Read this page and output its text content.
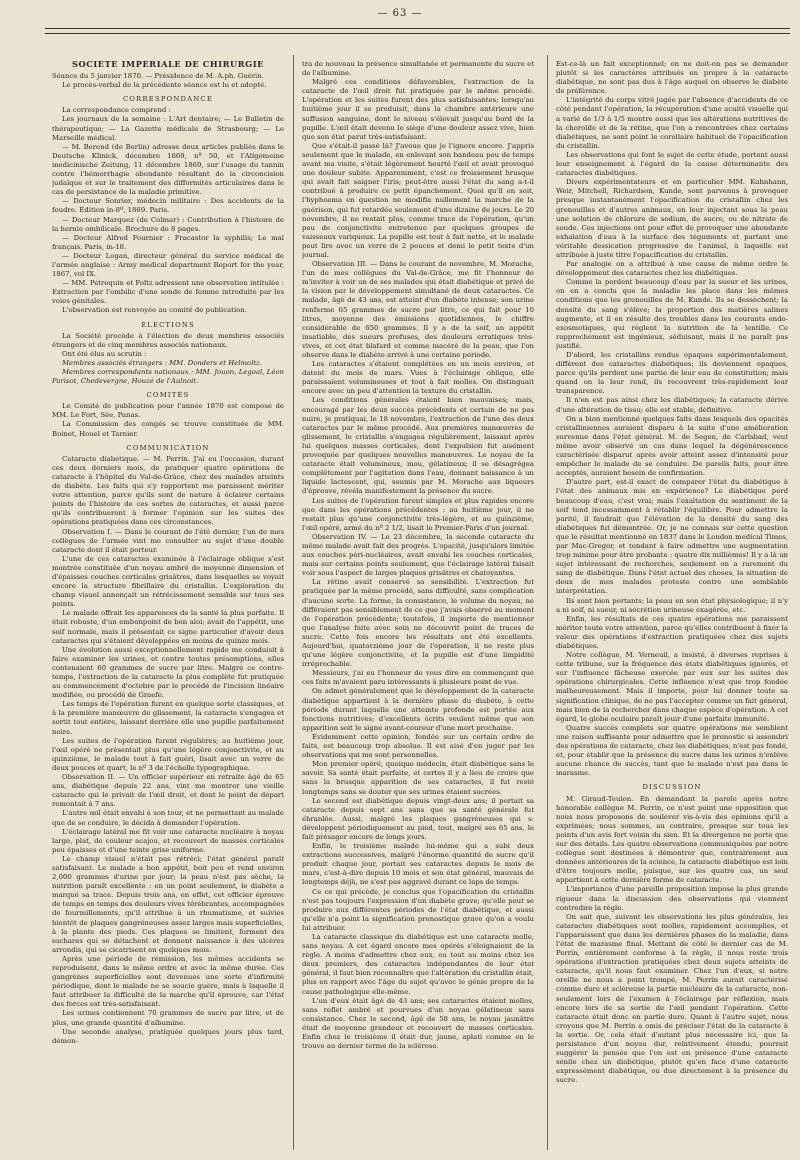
— 63 —
SOCIÉTÉ IMPÉRIALE DE CHIRURGIE

Séance du 5 janvier 1870. — Présidence de M. A.ph. Guérin.

Le procès-verbal de la précédente séance est lu et adopté.

CORRESPONDANCE

La correspondance comprend :

Les journaux de la semaine : L'Art dentaire; — Le Bulletin de thérapeutique; — La Gazette médicale de Strasbourg; — Le Marseille médical.

— M. Berend (de Berlin) adresse deux articles publiés dans le Deutsche Klinick, décembre 1869, nº 50, et l'Allgemeine medicinische Zeitung, 11 décembre 1869, sur l'usage du tannin contre l'hémorrhagie abondante résultant de la circoncision judaïque et sur le traitement des difformités articulaires dans le cas de persistance de la maladie primitive.

— Docteur Sonrier, médecin militaire : Des accidents de la foudre. Édition in-8º, 1869. Paris.

— Docteur Marquez (de Colmar) : Contribution à l'histoire de la hernie ombilicale. Brochure de 8 pages.

— Docteur Alfred Fournier : Fracastor la syphilis; Le mal français. Paris, in-18.

— Docteur Logan, directeur général du service médical de l'armée anglaise : Army medical department Report for the year, 1867, vol IX.

— MM. Pétrequin et Foltz adressent une observation intitulée : Extraction par l'ombilic d'une sonde de femme introduite par les voies génitales.

L'observation est renvoyée au comité de publication.

ÉLECTIONS

La Société procède à l'élection de deux membres associés étrangers et de cinq membres associés nationaux.

Ont été élus au scrutin :

Membres associés étrangers : MM. Donders et Helmoltz.

Membres correspondants nationaux : MM. Jouon, Legoal, Léon Parisot, Chedevergne, Houzé de l'Aulnoit.

COMITÉS

Le Comité de publication pour l'année 1870 est composé de MM. Le Fort, Sée, Panas.

La Commission des congés se trouve constituée de MM. Boinet, Houel et Tarnier.

COMMUNICATION

Cataracte diabétique. — M. Perrin. J'ai eu l'occasion, durant ces deux derniers mois, de pratiquer quatre opérations de cataracte à l'hôpital du Val-de-Grâce, chez des malades atteints de diabète. Les faits qui s'y rapportent me paraissent mériter votre attention, parce qu'ils sont de nature à éclairer certains points de l'histoire de ces sortes de cataractes, et aussi parce qu'ils contribueront à former l'opinion sur les suites des opérations pratiquées dans ces circonstances.

Observation I. — Dans le courant de l'été dernier, l'un de mes collègues de l'armée vint me consulter au sujet d'une double cataracte dont il était porteur.

L'une de ces cataractes examinée à l'éclairage oblique s'est montrée constituée d'un noyau ambré de moyenne dimension et d'épaisses couches corticales grisâtres, dans lesquelles se voyait encore la structure fibrillaire du cristallin. L'exploration du champ visuel annonçait un rétrécissement sensible sur tous ses points.

Le malade offrait les apparences de la santé la plus parfaite. Il était robuste, d'un embonpoint de bon aloi; avait de l'appétit, une soif normale, mais il présentait ce signe particulier d'avoir deux cataractes qui s'étaient développées en moins de quinze mois.

Une évolution aussi exceptionnellement rapide me conduisit à faire examiner les urines, et contre toutes présomptions, elles contenaient 60 grammes de sucre par litre. Malgré ce contre-temps, l'extraction de la cataracte la plus complète fut pratiquée au commencement d'octobre par le procédé de l'incision linéaire modifiée, ou procédé de Graefe.

Les temps de l'opération furent en quelque sorte classiques, et à la première manœuvre de glissement, la cataracte s'engagea et sortit tout entière, laissant derrière elle une pupille parfaitement noire.

Les suites de l'opération furent régulières; au huitième jour, l'œil opéré ne présentait plus qu'une légère conjonctivite, et au quinzième, le malade tout à fait guéri, lisait avec un verre de deux pouces et quart, le nº 3 de l'échelle typographique.

Observation II. — Un officier supérieur en retraite âgé de 65 ans, diabétique depuis 22 ans, vint me montrer une vieille cataracte qui le privait de l'œil droit, et dont le point de départ remontait à 7 ans.

L'autre œil était envahi à son tour, et ne permettant au malade que de se conduire, le décida à demander l'opération.

L'éclairage latéral me fit voir une cataracte nucléaire à noyau large, plat, de couleur acajou, et recouvert de masses corticales peu épaisses et d'une teinte grise uniforme.

Le champ visuel n'était pas rétréci; l'état général paraît satisfaisant. Le malade a bon appétit, boit peu et rend environ 2,000 grammes d'urine par jour; la peau n'est pas sèche, la nutrition paraît excellente : en un point seulement, le diabète a marqué sa trace. Depuis trois ans, en effet, cet officier éprouve de temps en temps des douleurs vives térébrantes, accompagnées de fourmillements, qu'il attribue à un rhumatisme, et suivies bientôt de plaques gangréneuses assez larges mais superficielles, à la plante des pieds. Ces plaques se limitent, forment des eschares qui se détachent et donnent naissance à des ulcères arrondis, qui se cicatrisent en quelques mois.

Après une période de rémission, les mêmes accidents se reproduisent, dans le même ordre et avec la même durée. Ces gangrènes superficielles sont devenues une sorte d'infirmité périodique, dont le malade ne se soucie guère, mais à laquelle il faut attribuer la difficulté de la marche qu'il éprouve, car l'état des forces est très-satisfaisant.

Les urines contiennent 70 grammes de sucre par litre, et de plus, une grande quantité d'albumine.

Une seconde analyse, pratiquée quelques jours plus tard, démon-

tra de nouveau la présence simultanée et permanente du sucre et de l'albumine.

Malgré ces conditions défavorables, l'extraction de la cataracte de l'œil droit fut pratiquée par le même procédé. L'opération et les suites furent des plus satisfaisantes; lorsqu'au huitième jour il se produisit, dans la chambre antérieure une suffusion sanguine, dont le niveau s'élevait jusqu'au bord de la pupille. L'œil était devenu le siège d'une douleur assez vive, bien que son état parut très-satisfaisant.

Que s'était-il passé là? J'avoue que je l'ignore encore. J'appris seulement que le malade, en enlevant son bandeau peu de temps avant ma visite, s'était légèrement heurté l'œil et avait provoqué une douleur subite. Apparemment, c'est ce froissement brusque qui avait fait saigner l'iris; peut-être aussi l'état du sang a-t-il contribué à produire ce petit épanchement. Quoi qu'il en soit, l'hyphoema en question ne modifia nullement la marche de la guérison, qui fut retardée seulement d'une dizaine de jours. Le 20 novembre, il ne restait plus, comme trace de l'opération, qu'un peu de conjonctivite entretenue par quelques groupes de vaisseaux variqueux. La pupille est tout à fait nette, et le malade peut lire avec un verre de 2 pouces et demi le petit texte d'un journal.

Observation III. — Dans le courant de novembre, M. Morache, l'un de mes collègues du Val-de-Grâce, me fit l'honneur de m'inviter à voir un de ses malades qui était diabétique et privé de la vision par le développement simultané de deux cataractes. Ce malade, âgé de 43 ans, est atteint d'un diabète intense; son urine renferme 65 grammes de sucre par litre, ce qui fait pour 10 litres, moyenne des émissions quotidiennes, le chiffre considérable de 650 grammes. Il y a de la soif, un appétit insatiable, des sueurs profuses, des douleurs erratiques très-vives, et cet état blafard et comme macéré de la peau, que l'on observe dans le diabète arrivé à une certaine période.

Les cataractes s'étaient complétées en un mois environ, et datent du mois de mars. Vues à l'éclairage oblique, elle paraissaient volumineuses et tout à fait molles. On distinguait encore avec un peu d'attention la texture du cristallin.

Les conditions générales étaient bien mauvaises; mais, encouragé par les deux succès précédents et certain de ne pas nuire, je pratiquai, le 18 novembre, l'extraction de l'une des deux cataractes par le même procédé. Aux premières manœuvres de glissement, le cristallin s'engagea régulièrement, laissant après lui quelques masses corticales, dont l'expulsion fut aisément provoquée par quelques nouvelles manœuvres. Le noyau de la cataracte était volumineux, mou, gélatineux; il se désagrégea complètement par l'agitation dans l'eau, donnant naissance à un liquide lactescent, qui, soumis par M. Morache aux liqueurs d'épreuve, révéla manifestement la présence du sucre.

Les suites de l'opération furent simples et plus rapides encore que dans les opérations précédentes : au huitième jour, il ne restait plus qu'une conjonctivite très-légère, et au quinzième, l'œil opéré, armé du nº 2 1/2, lisait le Premier-Paris d'un journal.

Observation IV. — Le 23 décembre, la seconde cataracte du même malade avait fait des progrès. L'opacité, jusqu'alors limitée aux couches péri-nucléaires, avait envahi les couches corticales, mais sur certains points seulement, que l'éclairage latéral faisait voir sous l'aspect de larges plaques grisâtres et chatoyantes.

La rétine avait conservé sa sensibilité. L'extraction fut pratiquée par le même procédé, sans difficulté, sans complication d'aucune sorte. La forme, la consistance, le volume du noyau, ne différaient pas sensiblement de ce que j'avais observé au moment de l'opération précédente; toutefois, il importe de mentionner que l'analyse faite avec soin ne découvrit point de traces de sucre. Cette fois encore les résultats ont été excellents. Aujourd'hui, quatorzième jour de l'opération, il ne reste plus qu'une légère conjonctivite, et la pupille est d'une limpidité irréprochable.

Messieurs, j'ai eu l'honneur de vous dire en commençant que ces faits m'avaient paru intéressants à plusieurs point de vue.

On admet généralement que le développement de la cataracte diabétique appartient à la dernière phase du diabète, à cette période durant laquelle une atteinte profonde est portée aux fonctions nutritives; d'excellents écrits veulent même que son apparition soit le signe avant-coureur d'une mort prochaine.

Évidemment cette opinion, fondée sur un certain ordre de faits, est beaucoup trop absolue. Il est aisé d'en juger par les observations qui me sont personnelles.

Mon premier opéré, quoique médecin, était diabétique sans le savoir. Sa santé était parfaite, et certes il y a lieu de croire que sans la brusque apparition de ses cataractes, il fut resté longtemps sans se douter que ses urines étaient sucrées.

Le second est diabétique depuis vingt-deux ans; il portait sa cataracte depuis sept ans sans que sa santé générale fut ébranlée. Aussi, malgré les plaques gangréneuses qui s: développent périodiquement au pied, tout, malgré ses 65 ans, le fait présager encore de longs jours.

Enfin, le troisième malade lui-même qui a subi deux extractions successives, malgré l'énorme quantité de sucre qu'il produit chaque jour, portait ses cataractes depuis le mois de mars, c'est-à-dire depuis 10 mois et son état général, mauvais de longtemps déjà, ne s'est pas aggravé durant ce laps de temps.

Ce ce qui précède, je conclus que l'opacification du cristallin n'est pas toujours l'expression d'un diabète grave; qu'elle peut se produire aux différentes périodes de l'état diabétique, et aussi qu'elle n'a point la signification pronostique grave qu'on a voulu lui attribuer.

La cataracte classique du diabétique est une cataracte molle, sans noyau. A cet égard encore mes opérés s'éloignaient de la règle. A moins d'admettre chez eux, ou tout au moins chez les deux premiers, des cataractes indépendantes de leur état général, il faut bien reconnaître que l'altération du cristallin était, plus en rapport avec l'âge du sujet qu'avec le génie propre de la cause pathologique elle-même.

L'un d'eux était âgé de 43 ans; ses cataractes étaient molles, sans reflet ambré et pourvues d'un noyau gélatineux sans consistance. Chez le second, âgé de 58 ans, le noyau jaunâtre était de moyenne grandeur et recouvert de masses corticales. Enfin chez le troisième il était dur, jaune, aplati comme on le trouve au dernier terme de la sclérose.

Est-ce-là un fait exceptionnel; on ne doit-on pas se demander plutôt si les caractères attribués en propre à la cataracte diabétique, ne sont pas dus à l'âge auquel on observe le diabète de préférence.

L'intégrité du corps vitré jugée par l'absence d'accidents de ce côté pendant l'opération, la récupération d'une acuité visuelle qui a varié de 1/3 à 1/5 montre aussi que les altérations nutritives de la choroïde et de la rétine, que l'on a rencontrées chez certains diabétiques, ne sont point le corollaire habituel de l'opacification du cristallin.

Les observations qui font le sujet de cette étude, portent aussi leur enseignement à l'égard de la cause déterminante des cataractes diabétiques.

Divers expérimentateurs et en particulier MM. Kuhnhann, Weir, Mitchell, Richardson, Kunde, sont parvenus à provoquer presque instantanément l'opacification du cristallin chez les grenouilles et d'autres animaux, en leur injectant sous la peau une solution de chlorure de sodium, de sucre, ou de nitrate de soude. Ces injections ont pour effet de provoquer une abondante exhalation d'eau à la surface des téguments et partant une véritable dessication progressive de l'animal, à laquelle est attribuée à juste titre l'opacification du cristallin.

Par analogie on a attribué à une cause de même ordre le développement des cataractes chez les diabétiques.

Comme la perdent beaucoup d'eau par la sueur et les urines, on en a conclu que la maladie les place dans les mêmes conditions que les grenouilles de M. Kunde. Ils se dessèchent; la densité du sang s'élève; la proportion des matières salines augmente, et il en résulte des troubles dans les courants endo-exosmotiques, qui règlent la nutrition de la lentille. Ce rapprochement est ingénieux, séduisant, mais il ne paraît pas justifié.

D'abord, les cristallins rendus opaques expérimentalement, diffèrent des cataractes diabétiques; ils deviennent opaques, parce qu'ils perdent une partie de leur eau de constitution; mais quand on la leur rend, ils recouvrent très-rapidement leur transparence.

Il n'en est pas ainsi chez les diabétiques; la cataracte dérive d'une altération de tissu; elle est stable, définitive.

On a bien mentionné quelques faits dans lesquels des opacités cristalliniennes auraient disparu à la suite d'une amélioration survenue dans l'état général. M. de Segen, de Carlsbad, veut même avoir observé un cas dans lequel la dégénérescence caractérisée disparut après avoir atteint assez d'intensité pour empêcher le malade de se conduire. De pareils faits, pour être acceptés, auraient besoin de confirmation.

D'autre part, est-il exact de comparer l'état du diabétique à l'état des animaux mis en expérience? Le diabétique perd beaucoup d'eau, c'est vrai; mais l'exaltation du sentiment de la soif tend incessamment à rétablir l'équilibre. Pour admettre la parité, il faudrait que l'élévation de la densité du sang des diabétiques fut démontrée. Or, je ne connais sur cette question que le résultat mentionné en 1837 dans le London medical Times, par Mac-Gregor, et tendant à faire admettre une augmentation trop minime pour être probante : quatre dix millièmes! Il y a là un sujet intéressant de recherches, seulement on a rarement du sang de diabétique. Dans l'état actuel des choses, la situation de deux de mes malades proteste contre une semblable interprétation.

Ils sont bien portants; la peau en son état physiologique; il n'y a ni soif, ni sueur, ni sécrétion urineuse exagérée, etc.

Enfin, les résultats de ces quatre opérations me paraissent mériter toute votre attention, parce qu'elles contribuent à fixer la valeur des opérations d'extraction pratiquées chez des sujets diabétiques.

Notre collègue, M. Verneuil, a insisté, à diverses reprises à cette tribune, sur la fréquence des états diabétiques ignorés, et sur l'influence fâcheuse exercée par eux sur les suites des opérations chirurgicales. Cette influence n'est que trop fondée malheureusement. Mais il importe, pour lui donner toute sa signification clinique, de ne pas l'accepter comme un fait général, mais bien de la rechercher dans chaque espèce d'opération. A cet égard, le globe oculaire paraît jouir d'une parfaite immunité.

Quatre succès complets sur quatre opérations me semblent une raison suffisante pour admettre que le pronostic si assombri des opérations de cataracte, chez les diabétiques, n'est pas fondé, et, pour établir que la présence du sucre dans les urines n'enlève aucune chance de succès, tant que le malade n'est pas dans le marasme.

DISCUSSION

M. Giraud-Teulon. En demandant la parole après notre honorable collègue M. Perrin, ce n'est point une opposition que nous nous proposons de soulever vis-à-vis des opinions qu'il a exprimées; nous sommes, au contraire, presque sur tous les points d'un avis fort voisin du sien. Et la divergence ne porte que sur des détails. Les quatre observations communiquées par notre collègue sont destinées à démontrer que, contrairement aux données antérieures de la science, la cataracte diabétique est loin d'être toujours molle, puisque, sur les quatre cas, un seul appartient à cette dernière forme de cataracte.

L'importance d'une pareille proposition impose la plus grande rigueur dans la discussion des observations qui viennent contredire la règle.

On sait que, suivant les observations les plus générales, les cataractes diabétiques sont molles, rapidement accomplies, et l'apparaissent que dans les dernières phases de la maladie, dans l'état de marasme final. Mettant de côté le dernier cas de M. Perrin, entièrement conforme à la règle, il nous reste trois opérations d'extraction pratiquées chez deux sujets atteints de cataracte, qu'il nous faut examiner. Chez l'un d'eux, si notre oreille ne nous a point trompé, M. Perrin aurait caractérisé comme dure et scléreuse la partie nucléaire de la cataracte, non-seulement lors de l'examen à l'éclairage par réflexion, mais encore lors de sa sortie de l'œil pendant l'opération. Cette cataracte était donc en partie dure. Quant à l'autre sujet, nous croyons que M. Perrin a omis de préciser l'état de la cataracte à la sortie. Or, cela était d'autant plus nécessaire ici, que la persistance d'un noyau dur, relativement étendu, pourrait suggérer la pensée que l'on est en présence d'une cataracte sénile chez un diabétique, plutôt qu'en face d'une cataracte expressément diabétique, ou due directement à la présence du sucre.
